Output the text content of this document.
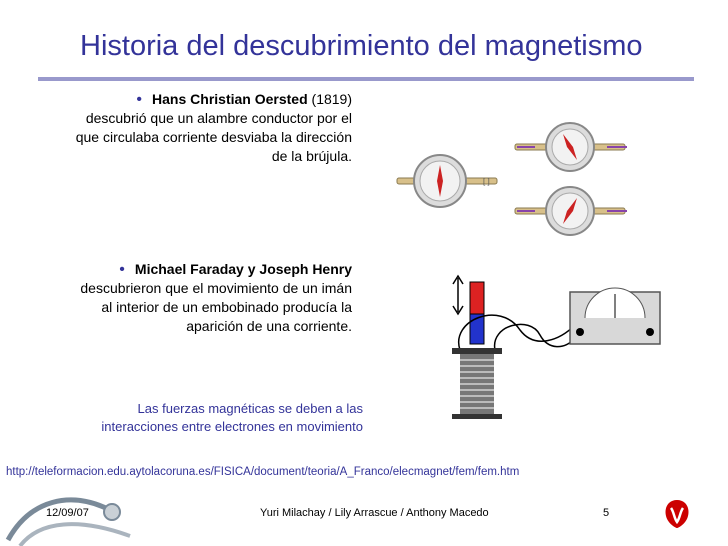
Historia del descubrimiento del magnetismo
• Hans Christian Oersted (1819) descubrió que un alambre conductor por el que circulaba corriente desviaba la dirección de la brújula.
• Michael Faraday y Joseph Henry descubrieron que el movimiento de un imán al interior de un embobinado producía la aparición de una corriente.
[ ]
Las fuerzas magnéticas se deben a las interacciones entre electrones en movimiento
http://teleformacion.edu.aytolacoruna.es/FISICA/document/teoria/A_Franco/elecmagnet/fem/fem.htm
12/09/07	Yuri Milachay / Lily Arrascue / Anthony Macedo	5
